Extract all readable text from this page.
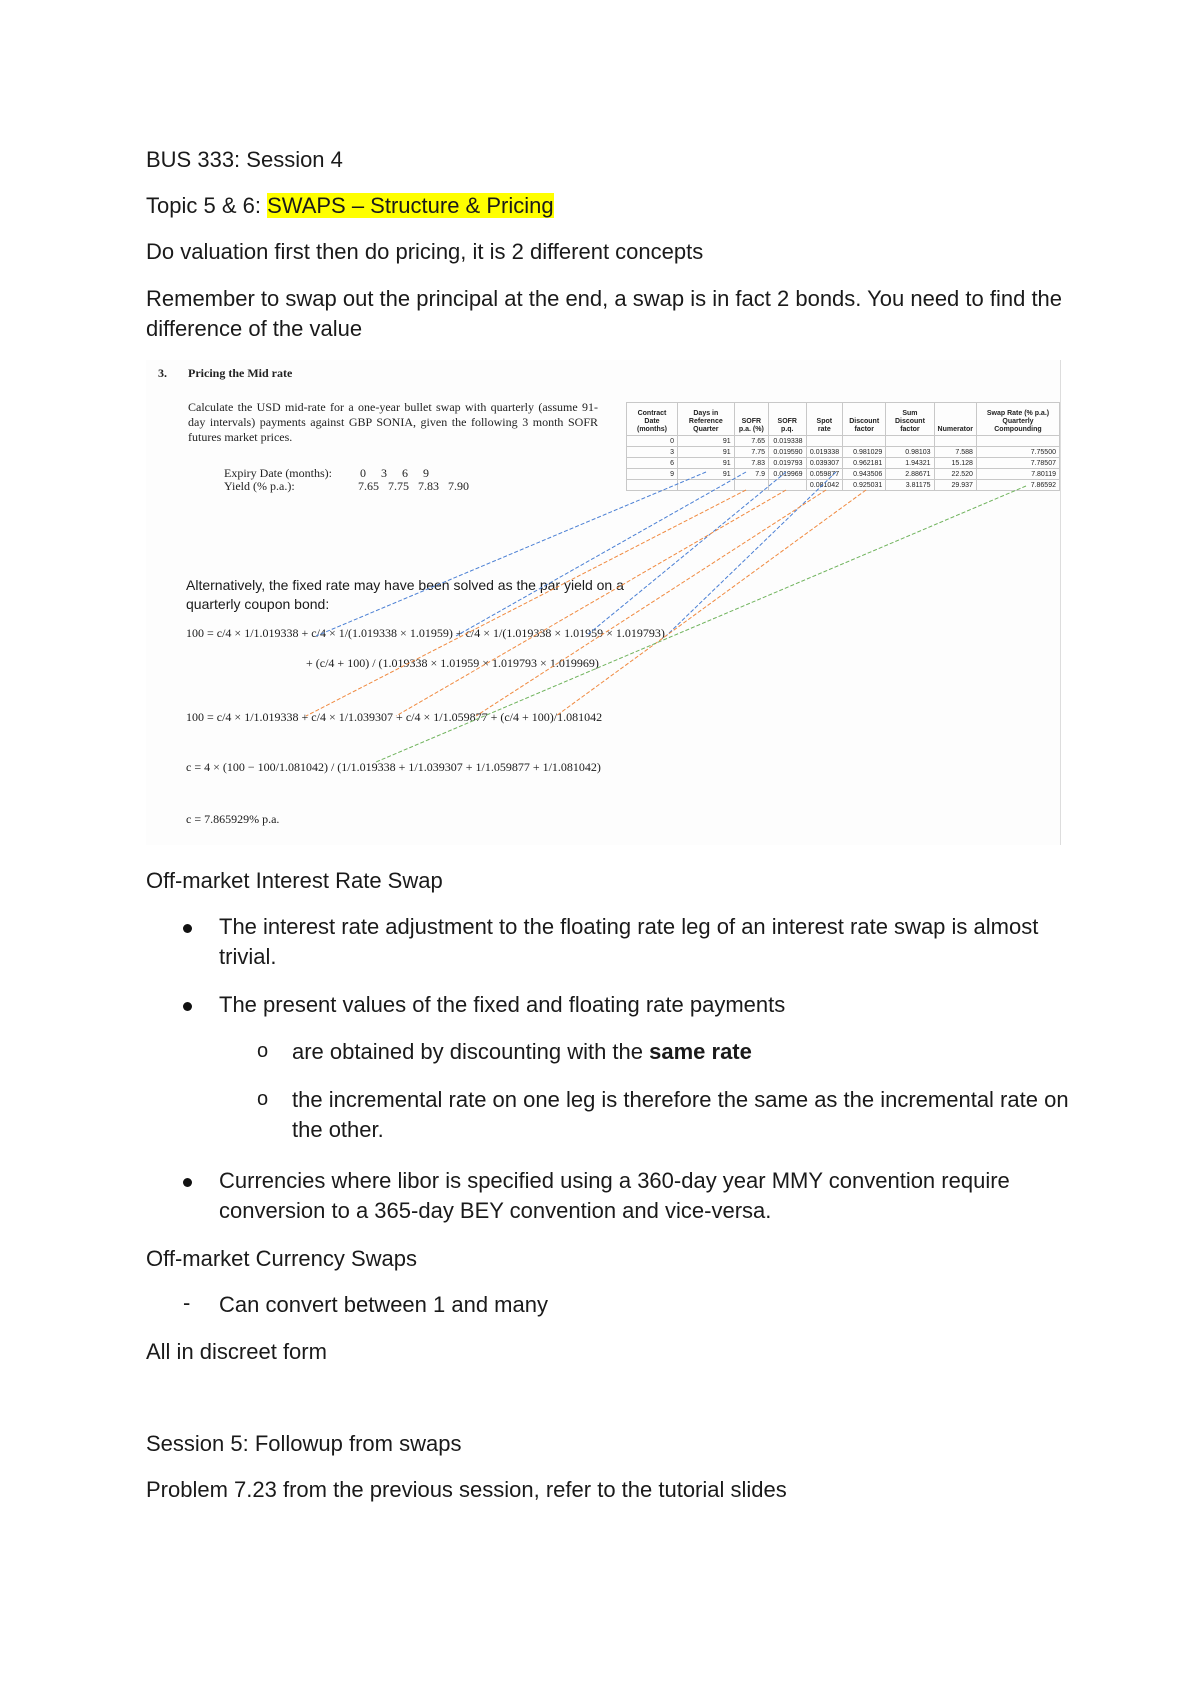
BUS 333: Session 4
Topic 5 & 6: SWAPS – Structure & Pricing
Do valuation first then do pricing, it is 2 different concepts
Remember to swap out the principal at the end, a swap is in fact 2 bonds. You need to find the difference of the value
3. Pricing the Mid rate
Calculate the USD mid-rate for a one-year bullet swap with quarterly (assume 91-day intervals) payments against GBP SONIA, given the following 3 month SOFR futures market prices.
Expiry Date (months): 0 3 6 9
Yield (% p.a.):	7.65 7.75 7.83 7.90
Contract Date (months)	Days in Reference Quarter	SOFR p.a. (%)	SOFR p.q.	Spot rate	Discount factor	Sum Discount factor	Numerator	Swap Rate (% p.a.) Quarterly Compounding
0	91	7.65	0.019338					
3	91	7.75	0.019590	0.019338	0.981029	0.98103	7.588	7.75500
6	91	7.83	0.019793	0.039307	0.962181	1.94321	15.128	7.78507
9	91	7.9	0.019969	0.059877	0.943506	2.88671	22.520	7.80119
				0.081042	0.925031	3.81175	29.937	7.86592
Alternatively, the fixed rate may have been solved as the par yield on a quarterly coupon bond:
100 = c/4 × 1/1.019338 + c/4 × 1/(1.019338 × 1.01959) + c/4 × 1/(1.019338 × 1.01959 × 1.019793)
+ (c/4 + 100) / (1.019338 × 1.01959 × 1.019793 × 1.019969)
100 = c/4 × 1/1.019338 + c/4 × 1/1.039307 + c/4 × 1/1.059877 + (c/4 + 100)/1.081042
c = 4 × (100 − 100/1.081042) / (1/1.019338 + 1/1.039307 + 1/1.059877 + 1/1.081042)
c = 7.865929% p.a.
Off-market Interest Rate Swap
The interest rate adjustment to the floating rate leg of an interest rate swap is almost trivial.
The present values of the fixed and floating rate payments
o are obtained by discounting with the same rate
o the incremental rate on one leg is therefore the same as the incremental rate on the other.
Currencies where libor is specified using a 360-day year MMY convention require conversion to a 365-day BEY convention and vice-versa.
Off-market Currency Swaps
- Can convert between 1 and many
All in discreet form
Session 5: Followup from swaps
Problem 7.23 from the previous session, refer to the tutorial slides
